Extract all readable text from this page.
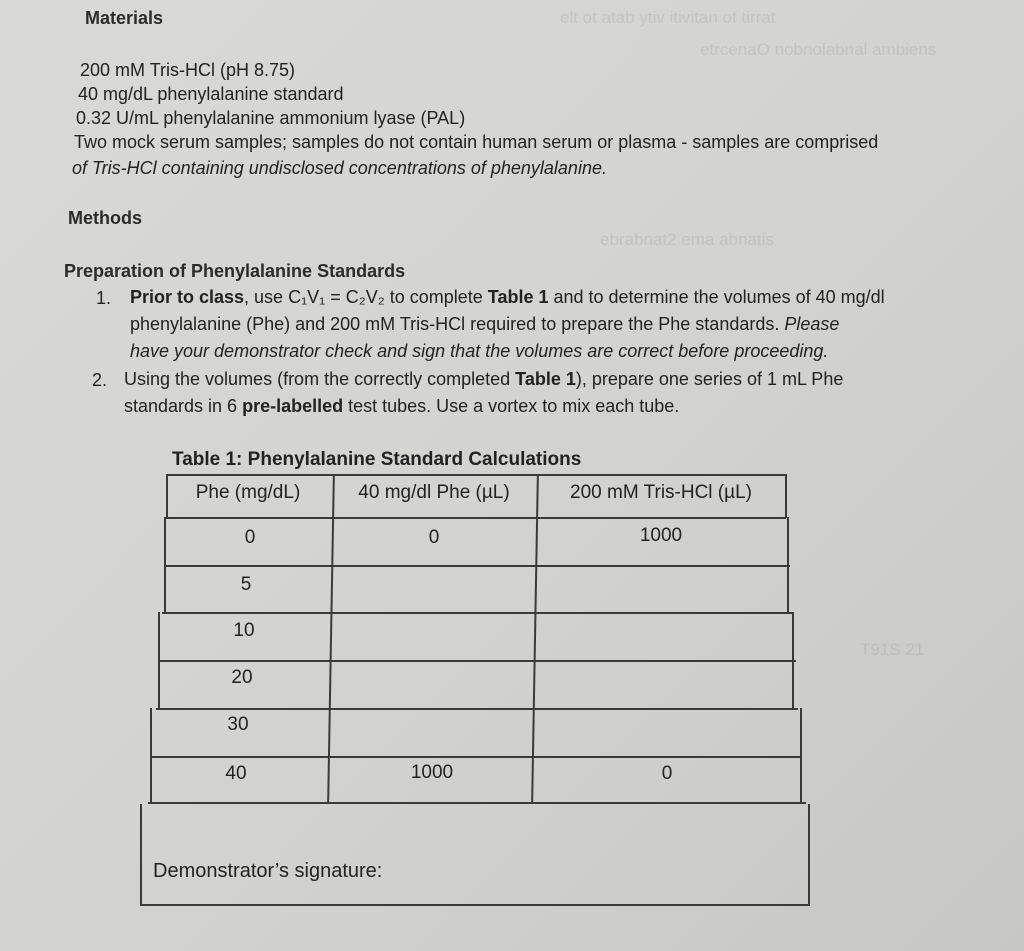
elt ot atab ytiv itivitan of tirrat
etrcenaO nobnolabnal ambiens
ebrabnat2 ema abnatis
T91S 21
Materials
200 mM Tris-HCl (pH 8.75)
40 mg/dL phenylalanine standard
0.32 U/mL phenylalanine ammonium lyase (PAL)
Two mock serum samples; samples do not contain human serum or plasma - samples are comprised
of Tris-HCl containing undisclosed concentrations of phenylalanine.
Methods
Preparation of Phenylalanine Standards
1. Prior to class, use C₁V₁ = C₂V₂ to complete Table 1 and to determine the volumes of 40 mg/dl
phenylalanine (Phe) and 200 mM Tris-HCl required to prepare the Phe standards. Please
have your demonstrator check and sign that the volumes are correct before proceeding.
2. Using the volumes (from the correctly completed Table 1), prepare one series of 1 mL Phe
standards in 6 pre-labelled test tubes. Use a vortex to mix each tube.
Table 1: Phenylalanine Standard Calculations
Phe (mg/dL)	40 mg/dl Phe (µL)	200 mM Tris-HCl (µL)
0	0	1000
5
10
20
30
40	1000	0
Demonstrator’s signature:
